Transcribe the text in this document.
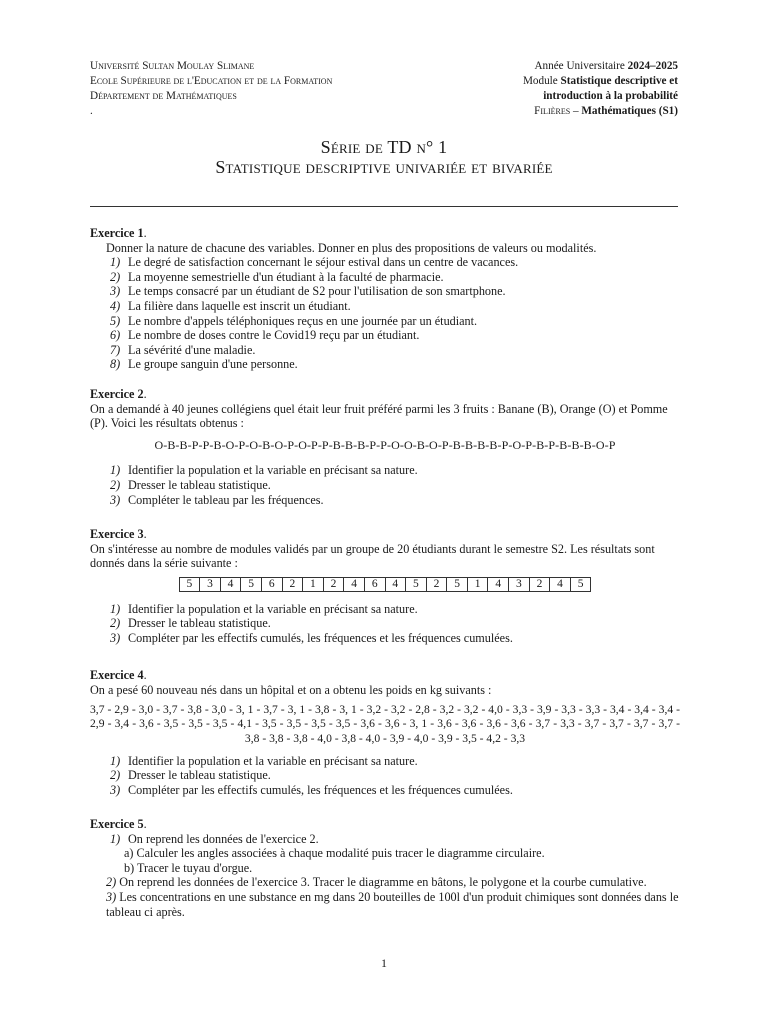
Université Sultan Moulay Slimane
Ecole Supérieure de l'Education et de la Formation
Département de Mathématiques
.
Année Universitaire 2024–2025
Module Statistique descriptive et
introduction à la probabilité
Filières – Mathématiques (S1)
Série de TD n° 1
Statistique descriptive univariée et bivariée
Exercice 1.
Donner la nature de chacune des variables. Donner en plus des propositions de valeurs ou modalités.
1) Le degré de satisfaction concernant le séjour estival dans un centre de vacances.
2) La moyenne semestrielle d'un étudiant à la faculté de pharmacie.
3) Le temps consacré par un étudiant de S2 pour l'utilisation de son smartphone.
4) La filière dans laquelle est inscrit un étudiant.
5) Le nombre d'appels téléphoniques reçus en une journée par un étudiant.
6) Le nombre de doses contre le Covid19 reçu par un étudiant.
7) La sévérité d'une maladie.
8) Le groupe sanguin d'une personne.
Exercice 2.
On a demandé à 40 jeunes collégiens quel était leur fruit préféré parmi les 3 fruits : Banane (B), Orange (O) et Pomme (P). Voici les résultats obtenus :
O-B-B-P-P-B-O-P-O-B-O-P-O-P-P-B-B-B-P-P-O-O-B-O-P-B-B-B-B-P-O-P-B-P-B-B-B-O-P
1) Identifier la population et la variable en précisant sa nature.
2) Dresser le tableau statistique.
3) Compléter le tableau par les fréquences.
Exercice 3.
On s'intéresse au nombre de modules validés par un groupe de 20 étudiants durant le semestre S2. Les résultats sont donnés dans la série suivante :
5	3	4	5	6	2	1	2	4	6	4	5	2	5	1	4	3	2	4	5
1) Identifier la population et la variable en précisant sa nature.
2) Dresser le tableau statistique.
3) Compléter par les effectifs cumulés, les fréquences et les fréquences cumulées.
Exercice 4.
On a pesé 60 nouveau nés dans un hôpital et on a obtenu les poids en kg suivants :
3,7 - 2,9 - 3,0 - 3,7 - 3,8 - 3,0 - 3, 1 - 3,7 - 3, 1 - 3,8 - 3, 1 - 3,2 - 3,2 - 2,8 - 3,2 - 3,2 - 4,0 - 3,3 - 3,9 - 3,3 - 3,3 - 3,4 - 3,4 - 3,4 - 2,9 - 3,4 - 3,6 - 3,5 - 3,5 - 3,5 - 4,1 - 3,5 - 3,5 - 3,5 - 3,5 - 3,6 - 3,6 - 3, 1 - 3,6 - 3,6 - 3,6 - 3,6 - 3,7 - 3,3 - 3,7 - 3,7 - 3,7 - 3,7 - 3,8 - 3,8 - 3,8 - 4,0 - 3,8 - 4,0 - 3,9 - 4,0 - 3,9 - 3,5 - 4,2 - 3,3
1) Identifier la population et la variable en précisant sa nature.
2) Dresser le tableau statistique.
3) Compléter par les effectifs cumulés, les fréquences et les fréquences cumulées.
Exercice 5.
1) On reprend les données de l'exercice 2.
a) Calculer les angles associées à chaque modalité puis tracer le diagramme circulaire.
b) Tracer le tuyau d'orgue.
2) On reprend les données de l'exercice 3. Tracer le diagramme en bâtons, le polygone et la courbe cumulative.
3) Les concentrations en une substance en mg dans 20 bouteilles de 100l d'un produit chimiques sont données dans le tableau ci après.
1
